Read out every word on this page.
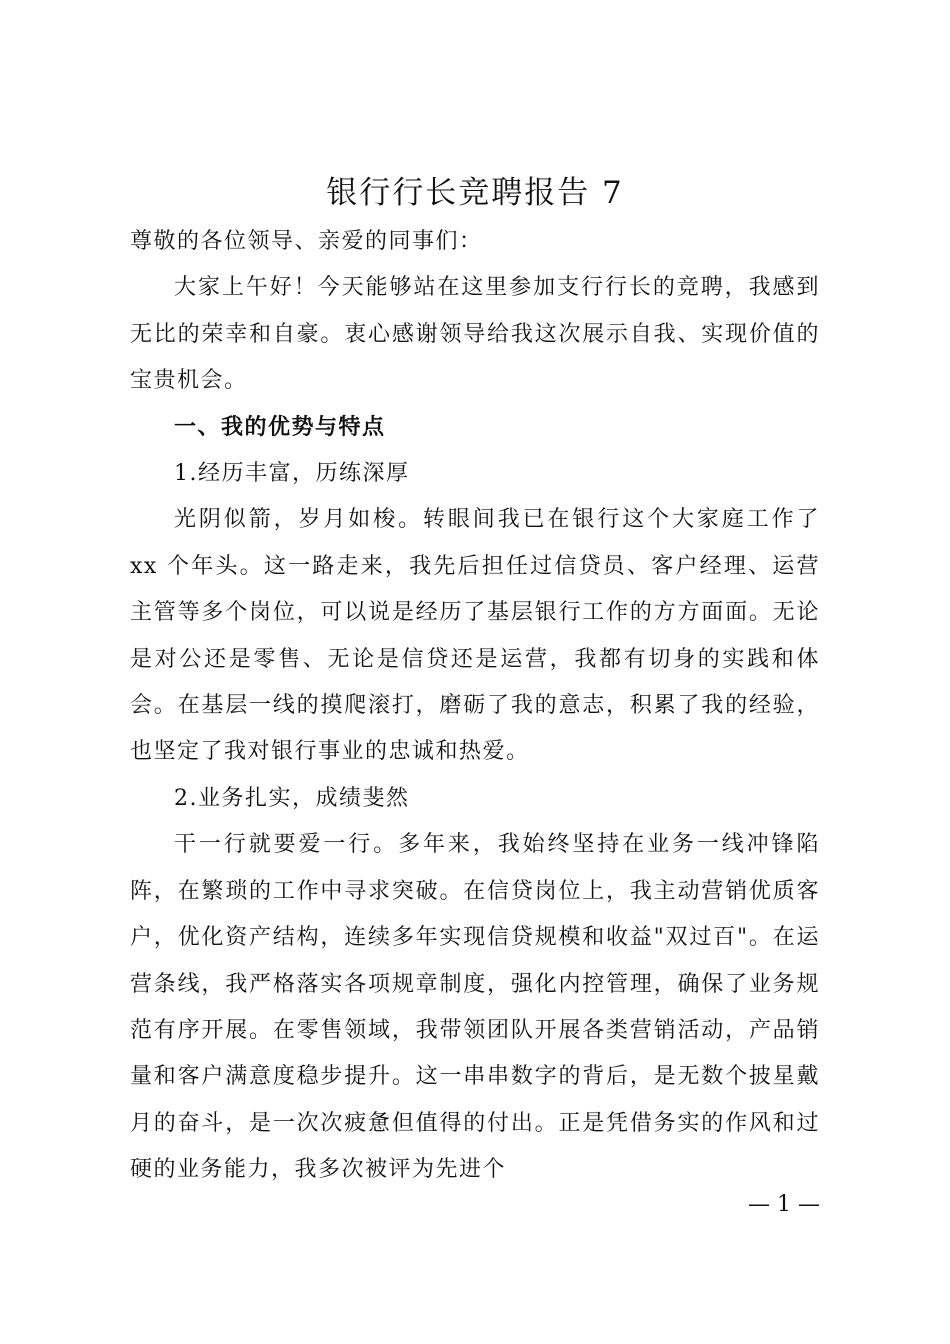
银行行长竞聘报告 7

尊敬的各位领导、亲爱的同事们：

大家上午好！今天能够站在这里参加支行行长的竞聘，我感到无比的荣幸和自豪。衷心感谢领导给我这次展示自我、实现价值的宝贵机会。

一、我的优势与特点

1.经历丰富，历练深厚

光阴似箭，岁月如梭。转眼间我已在银行这个大家庭工作了 xx 个年头。这一路走来，我先后担任过信贷员、客户经理、运营主管等多个岗位，可以说是经历了基层银行工作的方方面面。无论是对公还是零售、无论是信贷还是运营，我都有切身的实践和体会。在基层一线的摸爬滚打，磨砺了我的意志，积累了我的经验，也坚定了我对银行事业的忠诚和热爱。

2.业务扎实，成绩斐然

干一行就要爱一行。多年来，我始终坚持在业务一线冲锋陷阵，在繁琐的工作中寻求突破。在信贷岗位上，我主动营销优质客户，优化资产结构，连续多年实现信贷规模和收益"双过百"。在运营条线，我严格落实各项规章制度，强化内控管理，确保了业务规范有序开展。在零售领域，我带领团队开展各类营销活动，产品销量和客户满意度稳步提升。这一串串数字的背后，是无数个披星戴月的奋斗，是一次次疲惫但值得的付出。正是凭借务实的作风和过硬的业务能力，我多次被评为先进个

— 1 —
